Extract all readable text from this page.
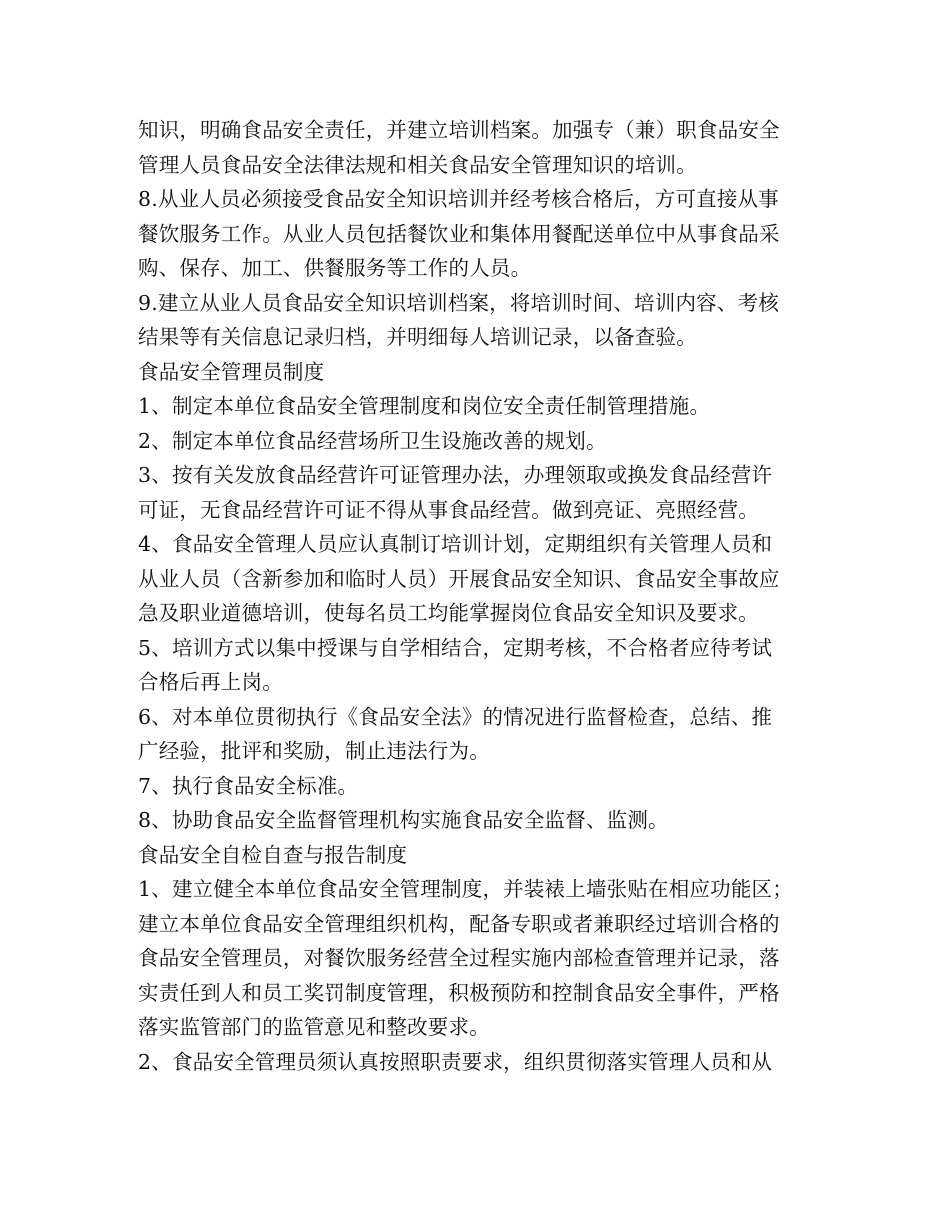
知识，明确食品安全责任，并建立培训档案。加强专（兼）职食品安全
管理人员食品安全法律法规和相关食品安全管理知识的培训。
8.从业人员必须接受食品安全知识培训并经考核合格后，方可直接从事
餐饮服务工作。从业人员包括餐饮业和集体用餐配送单位中从事食品采
购、保存、加工、供餐服务等工作的人员。
9.建立从业人员食品安全知识培训档案，将培训时间、培训内容、考核
结果等有关信息记录归档，并明细每人培训记录，以备查验。
食品安全管理员制度
1、制定本单位食品安全管理制度和岗位安全责任制管理措施。
2、制定本单位食品经营场所卫生设施改善的规划。
3、按有关发放食品经营许可证管理办法，办理领取或换发食品经营许
可证，无食品经营许可证不得从事食品经营。做到亮证、亮照经营。
4、食品安全管理人员应认真制订培训计划，定期组织有关管理人员和
从业人员（含新参加和临时人员）开展食品安全知识、食品安全事故应
急及职业道德培训，使每名员工均能掌握岗位食品安全知识及要求。
5、培训方式以集中授课与自学相结合，定期考核，不合格者应待考试
合格后再上岗。
6、对本单位贯彻执行《食品安全法》的情况进行监督检查，总结、推
广经验，批评和奖励，制止违法行为。
7、执行食品安全标准。
8、协助食品安全监督管理机构实施食品安全监督、监测。
食品安全自检自查与报告制度
1、建立健全本单位食品安全管理制度，并装裱上墙张贴在相应功能区；
建立本单位食品安全管理组织机构，配备专职或者兼职经过培训合格的
食品安全管理员，对餐饮服务经营全过程实施内部检查管理并记录，落
实责任到人和员工奖罚制度管理，积极预防和控制食品安全事件，严格
落实监管部门的监管意见和整改要求。
2、食品安全管理员须认真按照职责要求，组织贯彻落实管理人员和从
